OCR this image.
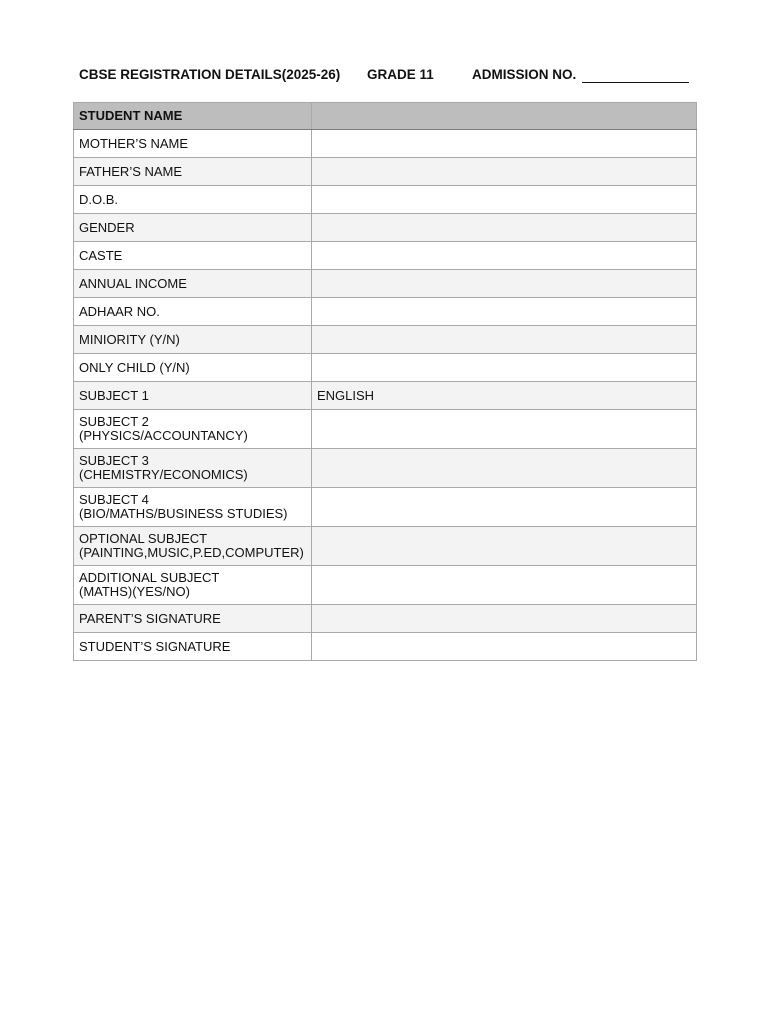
CBSE REGISTRATION DETAILS(2025-26) GRADE 11	ADMISSION NO.
STUDENT NAME	
MOTHER’S NAME	
FATHER’S NAME	
D.O.B.	
GENDER	
CASTE	
ANNUAL INCOME	
ADHAAR NO.	
MINIORITY (Y/N)	
ONLY CHILD (Y/N)	
SUBJECT 1	ENGLISH
SUBJECT 2
(PHYSICS/ACCOUNTANCY)	
SUBJECT 3
(CHEMISTRY/ECONOMICS)	
SUBJECT 4
(BIO/MATHS/BUSINESS STUDIES)	
OPTIONAL SUBJECT
(PAINTING,MUSIC,P.ED,COMPUTER)	
ADDITIONAL SUBJECT
(MATHS)(YES/NO)	
PARENT’S SIGNATURE	
STUDENT’S SIGNATURE	
